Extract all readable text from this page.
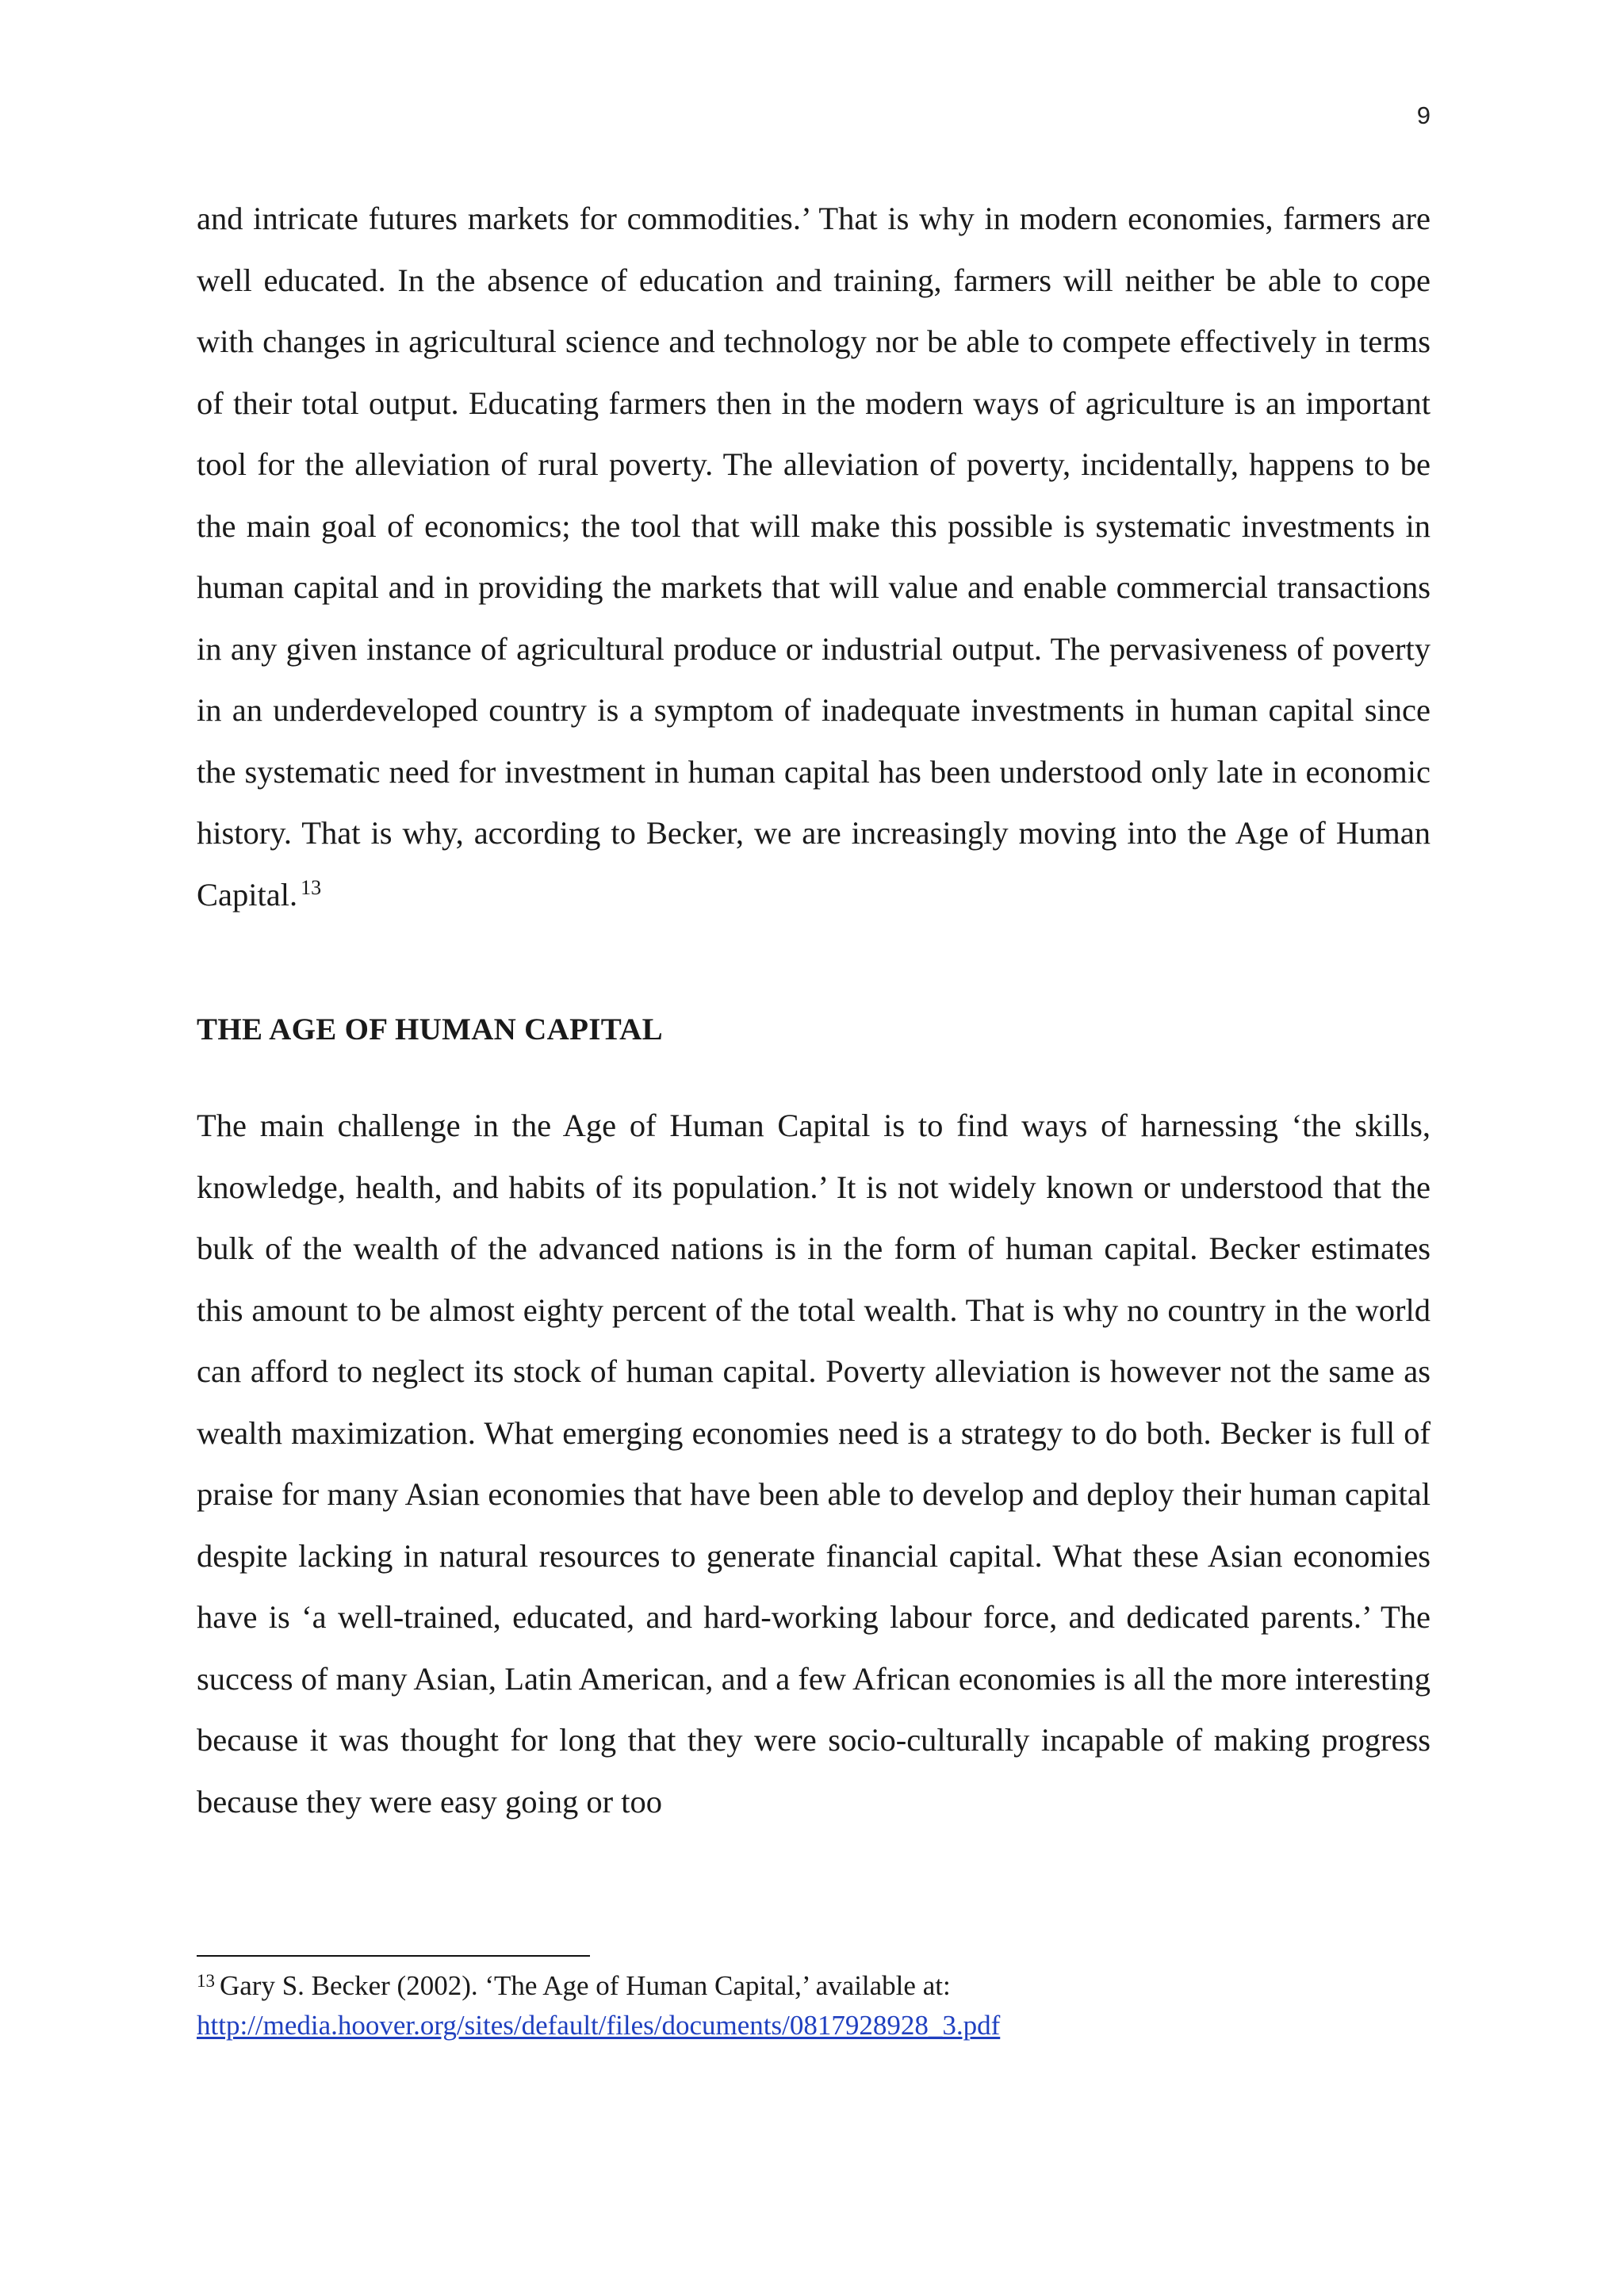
9

and intricate futures markets for commodities.’ That is why in modern economies, farmers are well educated. In the absence of education and training, farmers will neither be able to cope with changes in agricultural science and technology nor be able to compete effectively in terms of their total output. Educating farmers then in the modern ways of agriculture is an important tool for the alleviation of rural poverty. The alleviation of poverty, incidentally, happens to be the main goal of economics; the tool that will make this possible is systematic investments in human capital and in providing the markets that will value and enable commercial transactions in any given instance of agricultural produce or industrial output. The pervasiveness of poverty in an underdeveloped country is a symptom of inadequate investments in human capital since the systematic need for investment in human capital has been understood only late in economic history. That is why, according to Becker, we are increasingly moving into the Age of Human Capital. $^{13}$

THE AGE OF HUMAN CAPITAL

The main challenge in the Age of Human Capital is to find ways of harnessing ‘the skills, knowledge, health, and habits of its population.’ It is not widely known or understood that the bulk of the wealth of the advanced nations is in the form of human capital. Becker estimates this amount to be almost eighty percent of the total wealth. That is why no country in the world can afford to neglect its stock of human capital. Poverty alleviation is however not the same as wealth maximization. What emerging economies need is a strategy to do both. Becker is full of praise for many Asian economies that have been able to develop and deploy their human capital despite lacking in natural resources to generate financial capital. What these Asian economies have is ‘a well-trained, educated, and hard-working labour force, and dedicated parents.’ The success of many Asian, Latin American, and a few African economies is all the more interesting because it was thought for long that they were socio-culturally incapable of making progress because they were easy going or too

$^{13}$ Gary S. Becker (2002). ‘The Age of Human Capital,’ available at:
http://media.hoover.org/sites/default/files/documents/0817928928_3.pdf
